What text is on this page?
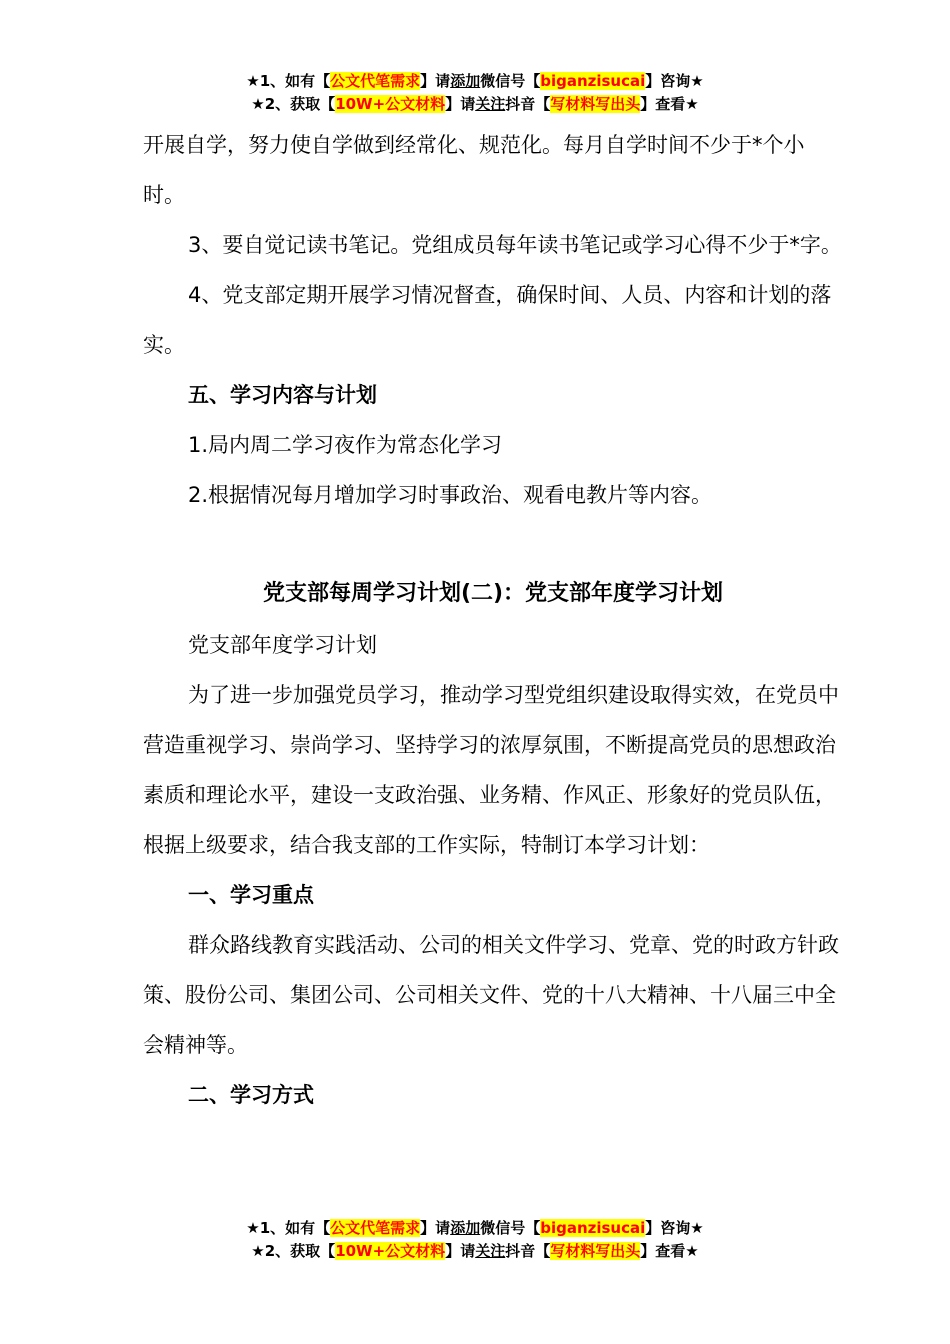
★1、如有【公文代笔需求】请添加微信号【biganzisucai】咨询★
★2、获取【10W+公文材料】请关注抖音【写材料写出头】查看★

开展自学，努力使自学做到经常化、规范化。每月自学时间不少于*个小时。

3、要自觉记读书笔记。党组成员每年读书笔记或学习心得不少于*字。

4、党支部定期开展学习情况督查，确保时间、人员、内容和计划的落实。

五、学习内容与计划

1.局内周二学习夜作为常态化学习

2.根据情况每月增加学习时事政治、观看电教片等内容。

党支部每周学习计划(二)：党支部年度学习计划

党支部年度学习计划

为了进一步加强党员学习，推动学习型党组织建设取得实效，在党员中营造重视学习、崇尚学习、坚持学习的浓厚氛围，不断提高党员的思想政治素质和理论水平，建设一支政治强、业务精、作风正、形象好的党员队伍，根据上级要求，结合我支部的工作实际，特制订本学习计划：

一、学习重点

群众路线教育实践活动、公司的相关文件学习、党章、党的时政方针政策、股份公司、集团公司、公司相关文件、党的十八大精神、十八届三中全会精神等。

二、学习方式

★1、如有【公文代笔需求】请添加微信号【biganzisucai】咨询★
★2、获取【10W+公文材料】请关注抖音【写材料写出头】查看★
